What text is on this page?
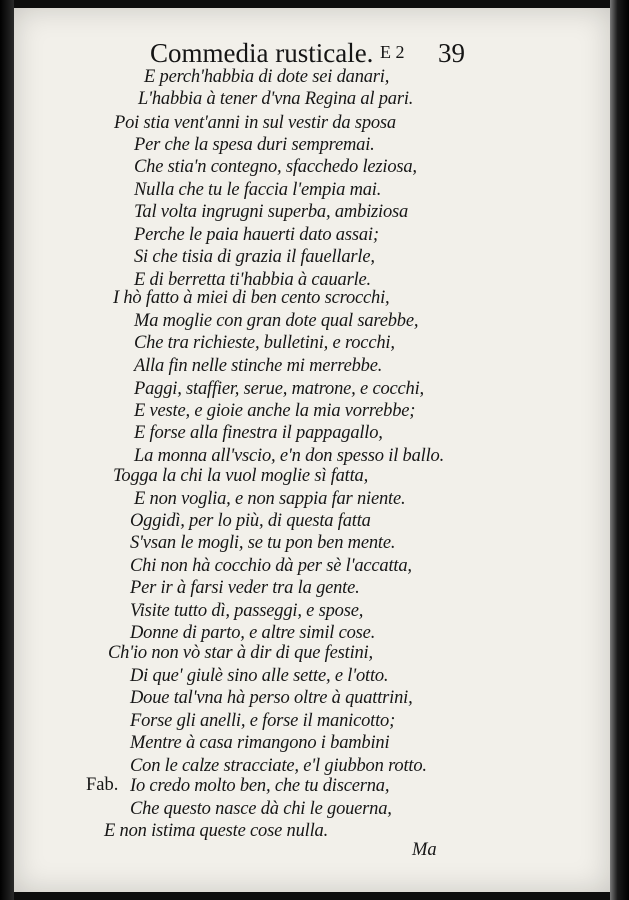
Commedia rusticale. E 2 39
E perch'habbia di dote sei danari,
L'habbia à tener d'vna Regina al pari.
Poi stia vent'anni in sul vestir da sposa
Per che la spesa duri sempremai.
Che stia'n contegno, sfacchedo leziosa,
Nulla che tu le faccia l'empia mai.
Tal volta ingrugni superba, ambiziosa
Perche le paia hauerti dato assai;
Si che tisia di grazia il fauellarle,
E di berretta ti'habbia à cauarle.
I hò fatto à miei di ben cento scrocchi,
Ma moglie con gran dote qual sarebbe,
Che tra richieste, bulletini, e rocchi,
Alla fin nelle stinche mi merrebbe.
Paggi, staffier, serue, matrone, e cocchi,
E veste, e gioie anche la mia vorrebbe;
E forse alla finestra il pappagallo,
La monna all'vscio, e'n don spesso il ballo.
Togga la chi la vuol moglie sì fatta,
E non voglia, e non sappia far niente.
Oggidì, per lo più, di questa fatta
S'vsan le mogli, se tu pon ben mente.
Chi non hà cocchio dà per sè l'accatta,
Per ir à farsi veder tra la gente.
Visite tutto dì, passeggi, e spose,
Donne di parto, e altre simil cose.
Ch'io non vò star à dir di que festini,
Di que' giulè sino alle sette, e l'otto.
Doue tal'vna hà perso oltre à quattrini,
Forse gli anelli, e forse il manicotto;
Mentre à casa rimangono i bambini
Con le calze stracciate, e'l giubbon rotto.
Io credo molto ben, che tu discerna,
Fab.
Che questo nasce dà chi le gouerna,
E non istima queste cose nulla.
Ma
